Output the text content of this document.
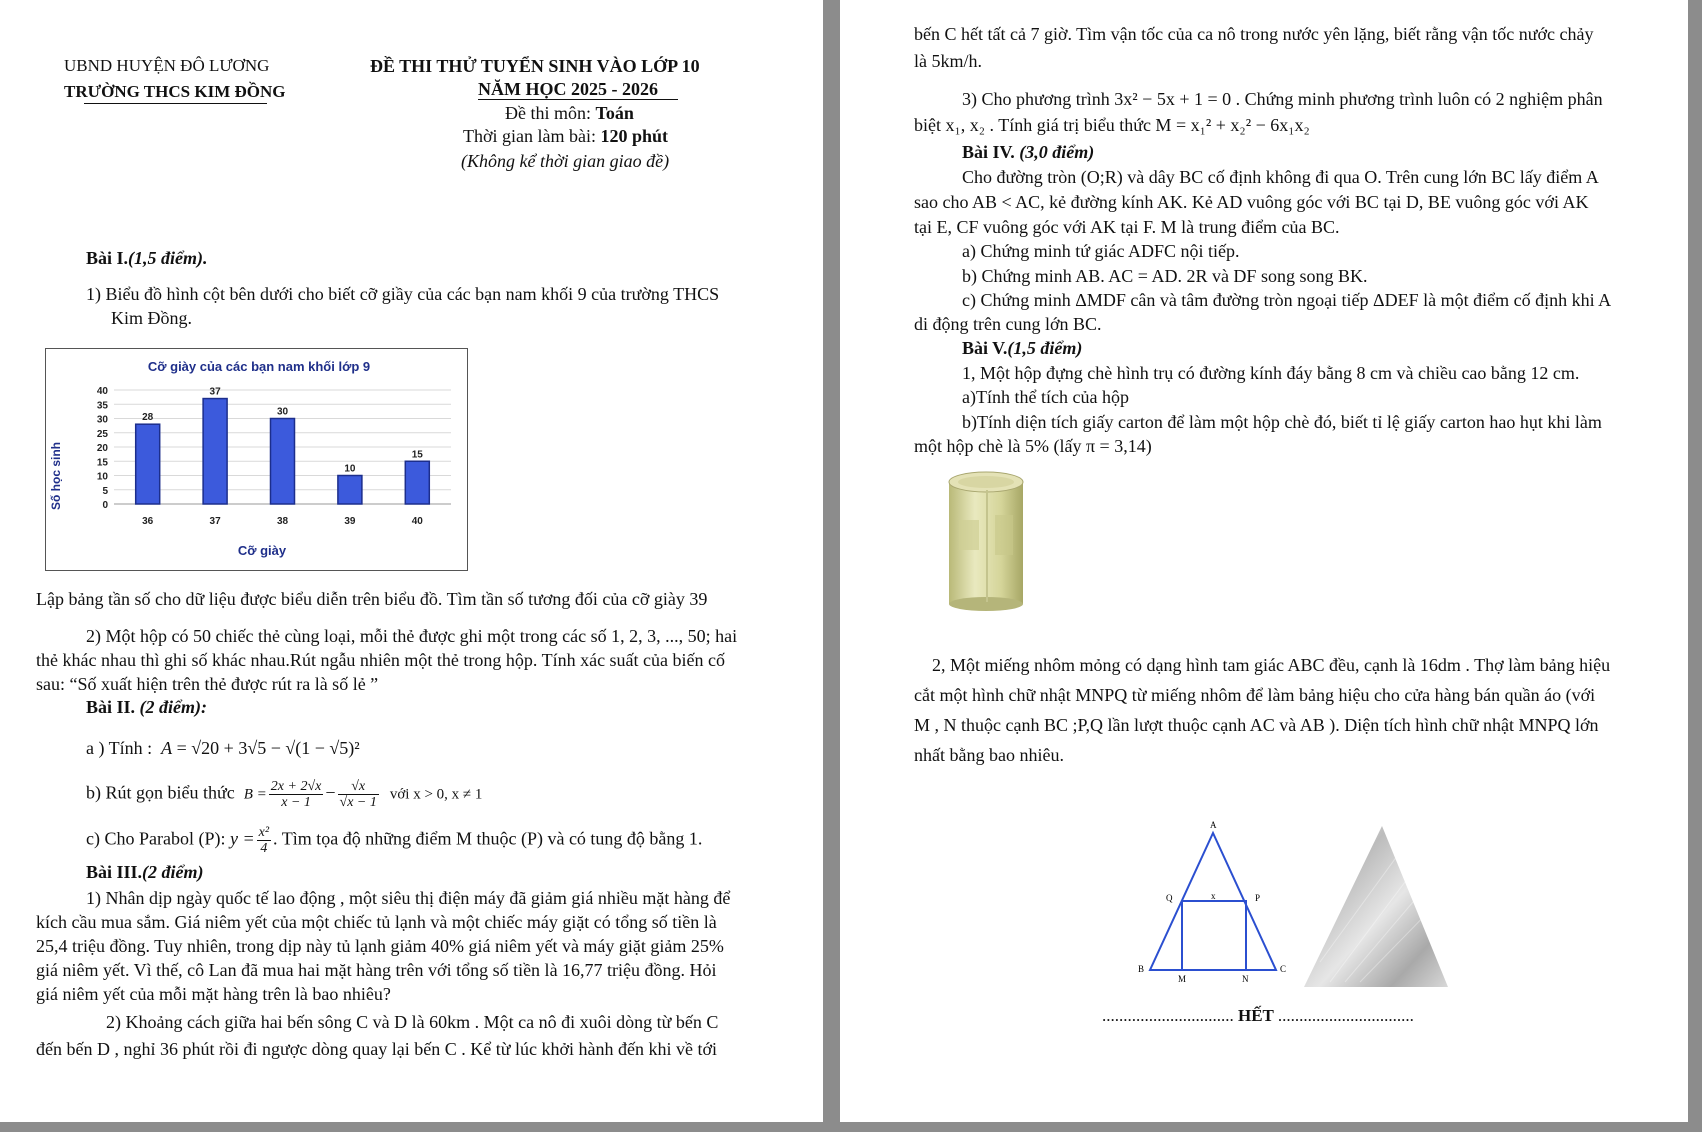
UBND HUYỆN ĐÔ LƯƠNG
TRƯỜNG THCS KIM ĐỒNG
ĐỀ THI THỬ TUYỂN SINH VÀO LỚP 10
NĂM HỌC 2025 - 2026
Đề thi môn: Toán
Thời gian làm bài: 120 phút
(Không kể thời gian giao đề)
Bài I.(1,5 điểm).
1) Biểu đồ hình cột bên dưới cho biết cỡ giầy của các bạn nam khối 9 của trường THCS
Kim Đồng.
Cỡ giày của các bạn nam khối lớp 9
Cỡ giày
Số học sinh	0
5
10
15
20
25
30
35
40
28
36
37
37
30
38
10
39
15
40
Lập bảng tần số cho dữ liệu được biểu diễn trên biểu đồ. Tìm tần số tương đối của cỡ giày 39
2) Một hộp có 50 chiếc thẻ cùng loại, mỗi thẻ được ghi một trong các số 1, 2, 3, ..., 50; hai
thẻ khác nhau thì ghi số khác nhau.Rút ngẫu nhiên một thẻ trong hộp. Tính xác suất của biến cố
sau: “Số xuất hiện trên thẻ được rút ra là số lẻ ”
Bài II. (2 điểm):
a ) Tính : A = √20 + 3√5 − √(1 − √5)²
b) Rút gọn biểu thức $B = \frac{2x + 2√x}{x - 1} - \frac{√x}{√x - 1}$ với x > 0, x ≠ 1
c) Cho Parabol (P): $y = \frac{\text{x²}}{4}$ . Tìm tọa độ những điểm M thuộc (P) và có tung độ bằng 1.
Bài III.(2 điểm)
1) Nhân dịp ngày quốc tế lao động , một siêu thị điện máy đã giảm giá nhiều mặt hàng để
kích cầu mua sắm. Giá niêm yết của một chiếc tủ lạnh và một chiếc máy giặt có tổng số tiền là
25,4 triệu đồng. Tuy nhiên, trong dịp này tủ lạnh giảm 40% giá niêm yết và máy giặt giảm 25%
giá niêm yết. Vì thế, cô Lan đã mua hai mặt hàng trên với tổng số tiền là 16,77 triệu đồng. Hỏi
giá niêm yết của mỗi mặt hàng trên là bao nhiêu?
2) Khoảng cách giữa hai bến sông C và D là 60km . Một ca nô đi xuôi dòng từ bến C
đến bến D , nghỉ 36 phút rồi đi ngược dòng quay lại bến C . Kể từ lúc khởi hành đến khi về tới
bến C hết tất cả 7 giờ. Tìm vận tốc của ca nô trong nước yên lặng, biết rằng vận tốc nước chảy
là 5km/h.
3) Cho phương trình 3x² − 5x + 1 = 0 . Chứng minh phương trình luôn có 2 nghiệm phân
biệt x₁, x₂ . Tính giá trị biểu thức M = x₁² + x₂² − 6x₁x₂
Bài IV. (3,0 điểm)
Cho đường tròn (O;R) và dây BC cố định không đi qua O. Trên cung lớn BC lấy điểm A
sao cho AB < AC, kẻ đường kính AK. Kẻ AD vuông góc với BC tại D, BE vuông góc với AK
tại E, CF vuông góc với AK tại F. M là trung điểm của BC.
a) Chứng minh tứ giác ADFC nội tiếp.
b) Chứng minh AB. AC = AD. 2R và DF song song BK.
c) Chứng minh ΔMDF cân và tâm đường tròn ngoại tiếp ΔDEF là một điểm cố định khi A
di động trên cung lớn BC.
Bài V.(1,5 điểm)
1, Một hộp đựng chè hình trụ có đường kính đáy bằng 8 cm và chiều cao bằng 12 cm.
a)Tính thể tích của hộp
b)Tính diện tích giấy carton để làm một hộp chè đó, biết tỉ lệ giấy carton hao hụt khi làm
một hộp chè là 5% (lấy π = 3,14)
2, Một miếng nhôm mỏng có dạng hình tam giác ABC đều, cạnh là 16dm . Thợ làm bảng hiệu
cắt một hình chữ nhật MNPQ từ miếng nhôm để làm bảng hiệu cho cửa hàng bán quần áo (với
M , N thuộc cạnh BC ;P,Q lần lượt thuộc cạnh AC và AB ). Diện tích hình chữ nhật MNPQ lớn
nhất bằng bao nhiêu.
A
Q	x	P
B	C
M	N
............................... HẾT ................................
